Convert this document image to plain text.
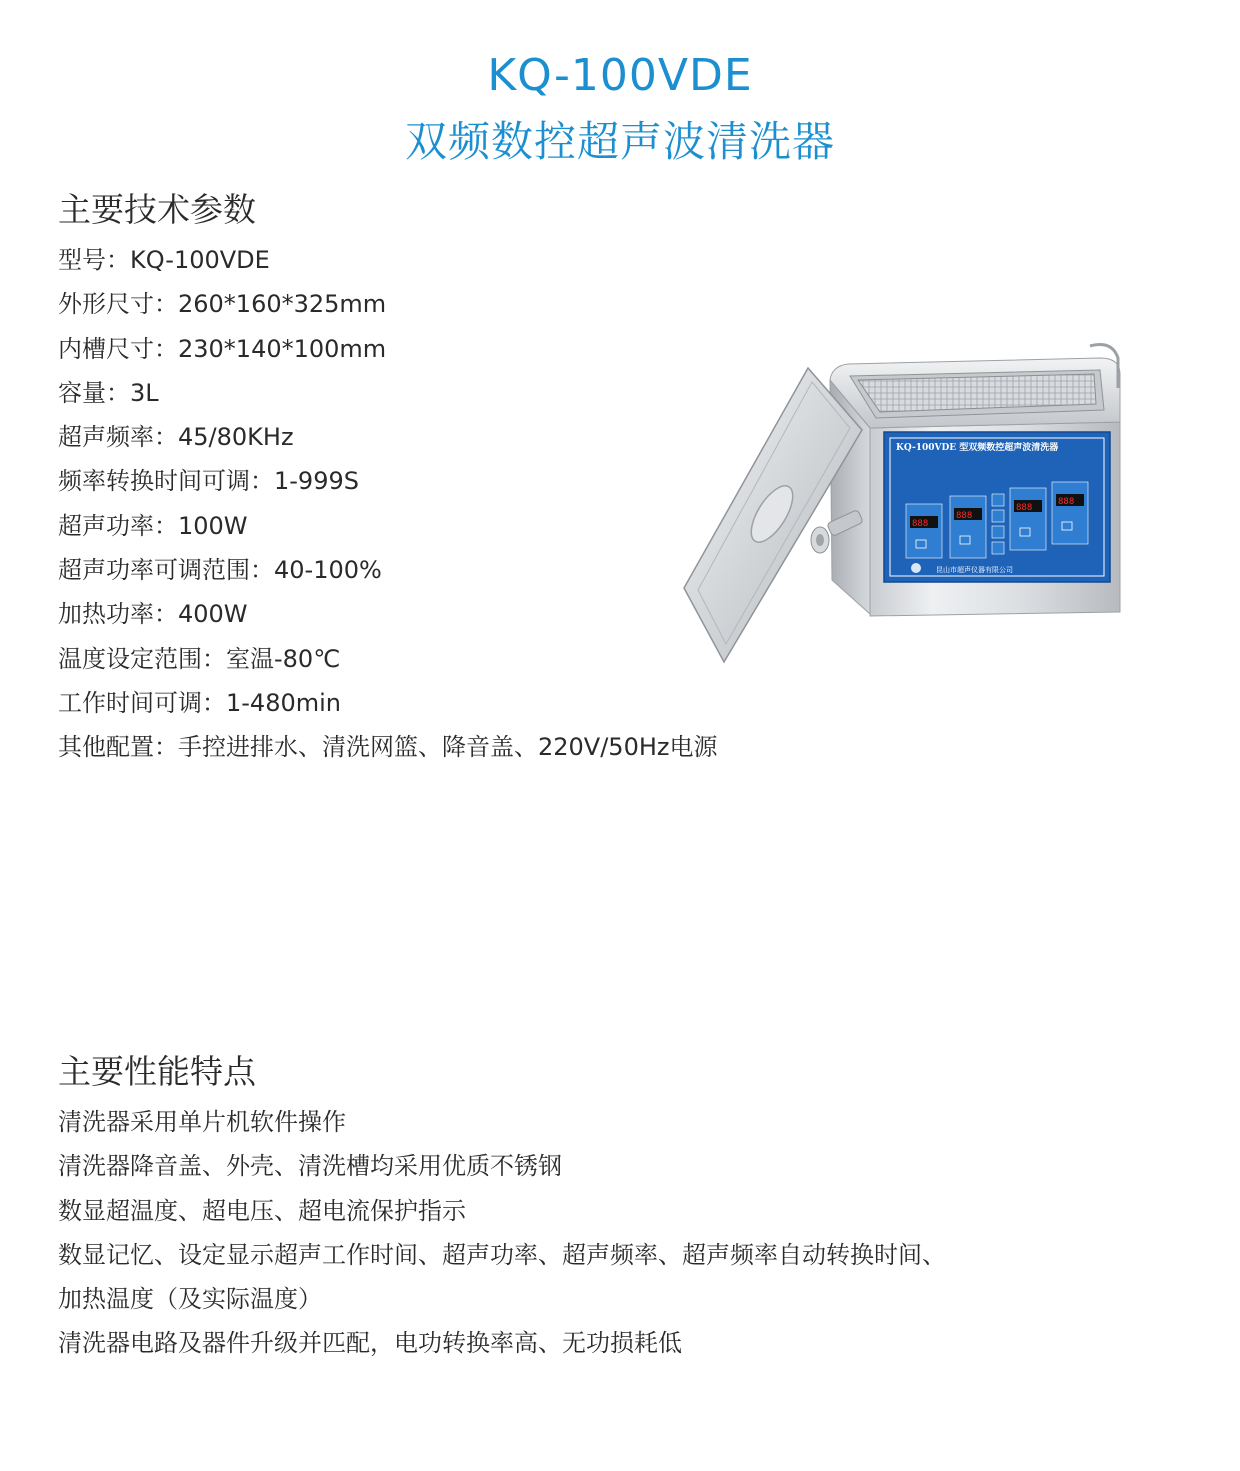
KQ-100VDE
双频数控超声波清洗器
主要技术参数
型号：KQ-100VDE
外形尺寸：260*160*325mm
内槽尺寸：230*140*100mm
容量：3L
超声频率：45/80KHz
频率转换时间可调：1-999S
超声功率：100W
超声功率可调范围：40-100%
加热功率：400W
温度设定范围：室温-80℃
工作时间可调：1-480min
其他配置：手控进排水、清洗网篮、降音盖、220V/50Hz电源
KQ-100VDE 型双频数控超声波清洗器
888
888
888
888
昆山市超声仪器有限公司
主要性能特点
清洗器采用单片机软件操作
清洗器降音盖、外壳、清洗槽均采用优质不锈钢
数显超温度、超电压、超电流保护指示
数显记忆、设定显示超声工作时间、超声功率、超声频率、超声频率自动转换时间、
加热温度（及实际温度）
清洗器电路及器件升级并匹配，电功转换率高、无功损耗低
